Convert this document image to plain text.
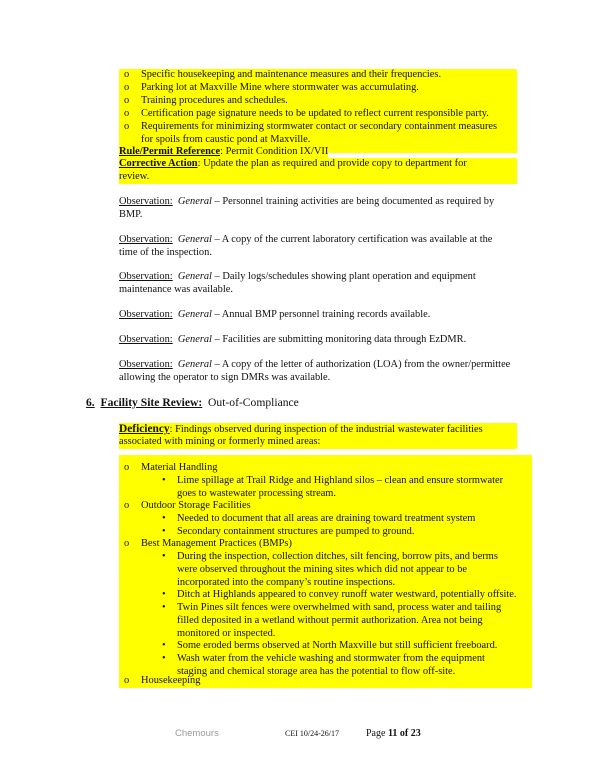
o	Specific housekeeping and maintenance measures and their frequencies.
o	Parking lot at Maxville Mine where stormwater was accumulating.
o	Training procedures and schedules.
o	Certification page signature needs to be updated to reflect current responsible party.
o	Requirements for minimizing stormwater contact or secondary containment measures
for spoils from caustic pond at Maxville.
Rule/Permit Reference: Permit Condition IX/VII
Corrective Action: Update the plan as required and provide copy to department for
review.
Observation: General – Personnel training activities are being documented as required by
BMP.
Observation: General – A copy of the current laboratory certification was available at the
time of the inspection.
Observation: General – Daily logs/schedules showing plant operation and equipment
maintenance was available.
Observation: General – Annual BMP personnel training records available.
Observation: General – Facilities are submitting monitoring data through EzDMR.
Observation: General – A copy of the letter of authorization (LOA) from the owner/permittee
allowing the operator to sign DMRs was available.
6. Facility Site Review: Out-of-Compliance
Deficiency: Findings observed during inspection of the industrial wastewater facilities
associated with mining or formerly mined areas:
o	Material Handling
•	Lime spillage at Trail Ridge and Highland silos – clean and ensure stormwater
goes to wastewater processing stream.
o	Outdoor Storage Facilities
•	Needed to document that all areas are draining toward treatment system
•	Secondary containment structures are pumped to ground.
o	Best Management Practices (BMPs)
•	During the inspection, collection ditches, silt fencing, borrow pits, and berms
were observed throughout the mining sites which did not appear to be
incorporated into the company’s routine inspections.
•	Ditch at Highlands appeared to convey runoff water westward, potentially offsite.
•	Twin Pines silt fences were overwhelmed with sand, process water and tailing
filled deposited in a wetland without permit authorization. Area not being
monitored or inspected.
•	Some eroded berms observed at North Maxville but still sufficient freeboard.
•	Wash water from the vehicle washing and stormwater from the equipment
staging and chemical storage area has the potential to flow off-site.
o	Housekeeping
Chemours	CEI 10/24-26/17	Page 11 of 23
